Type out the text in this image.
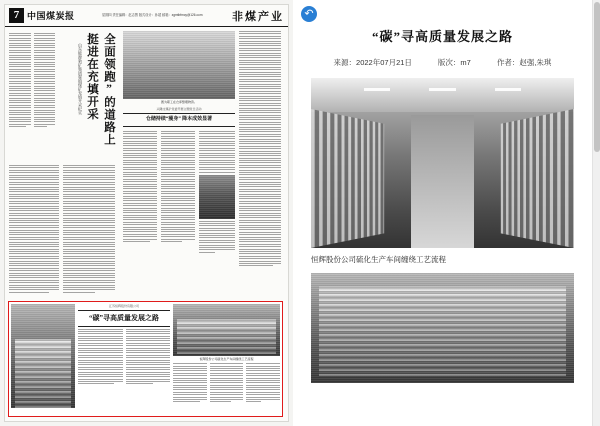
7 中国煤炭报	星期四 责任编辑：赵志慧 版式设计：孙超 邮箱：zgmtbfmcy@126.com	非煤产业
全面领跑”的道路上
挺进在充填开采
山东能源新矿集团翟镇煤矿充填开采纪实	图为职工在仓库整理物资。
兴隆庄煤矿党委开展主题党日活动
仓储持续“瘦身” 降本成效显著
江苏恒辉股份有限公司
“碳”寻高质量发展之路
恒辉股份公司硫化生产车间缠绕工艺流程
↶
“碳”寻高质量发展之路
来源：2022年07月21日	版次：m7	作者：赵强,朱琪
恒辉股份公司硫化生产车间缠绕工艺流程
